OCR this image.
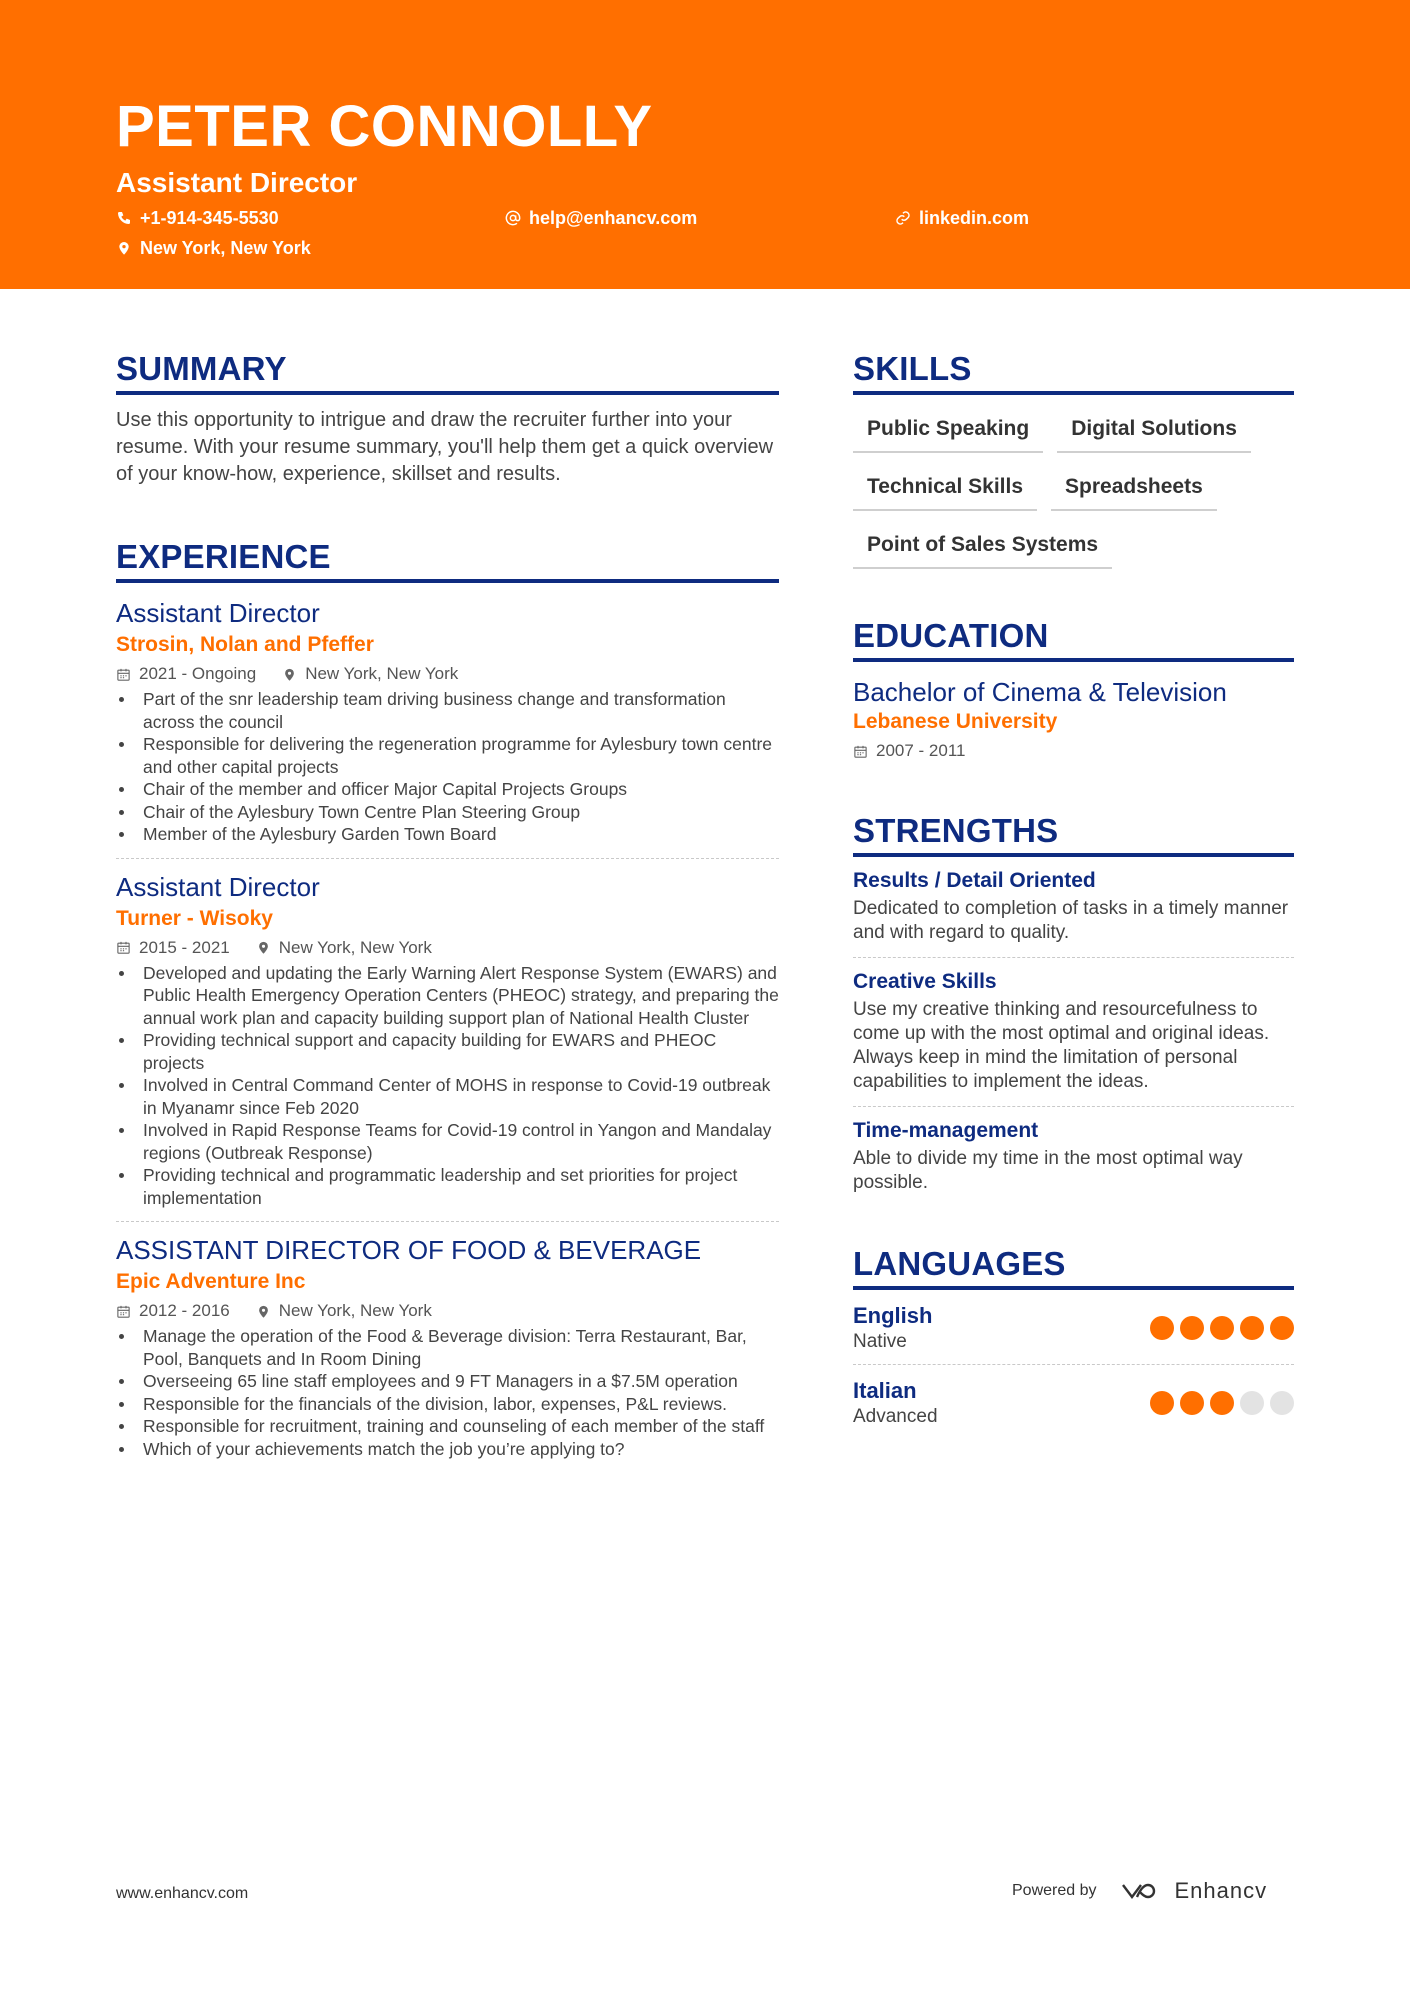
PETER CONNOLLY
Assistant Director
+1-914-345-5530	help@enhancv.com	linkedin.com
New York, New York
SUMMARY
Use this opportunity to intrigue and draw the recruiter further into your resume. With your resume summary, you'll help them get a quick overview of your know-how, experience, skillset and results.
EXPERIENCE
Assistant Director
Strosin, Nolan and Pfeffer
2021 - Ongoing	New York, New York
Part of the snr leadership team driving business change and transformation across the council
Responsible for delivering the regeneration programme for Aylesbury town centre and other capital projects
Chair of the member and officer Major Capital Projects Groups
Chair of the Aylesbury Town Centre Plan Steering Group
Member of the Aylesbury Garden Town Board
Assistant Director
Turner - Wisoky
2015 - 2021	New York, New York
Developed and updating the Early Warning Alert Response System (EWARS) and Public Health Emergency Operation Centers (PHEOC) strategy, and preparing the annual work plan and capacity building support plan of National Health Cluster
Providing technical support and capacity building for EWARS and PHEOC projects
Involved in Central Command Center of MOHS in response to Covid-19 outbreak in Myanamr since Feb 2020
Involved in Rapid Response Teams for Covid-19 control in Yangon and Mandalay regions (Outbreak Response)
Providing technical and programmatic leadership and set priorities for project implementation
ASSISTANT DIRECTOR OF FOOD & BEVERAGE
Epic Adventure Inc
2012 - 2016	New York, New York
Manage the operation of the Food & Beverage division: Terra Restaurant, Bar, Pool, Banquets and In Room Dining
Overseeing 65 line staff employees and 9 FT Managers in a $7.5M operation
Responsible for the financials of the division, labor, expenses, P&L reviews.
Responsible for recruitment, training and counseling of each member of the staff
Which of your achievements match the job you’re applying to?
SKILLS
Public Speaking	Digital Solutions
Technical Skills	Spreadsheets
Point of Sales Systems
EDUCATION
Bachelor of Cinema & Television
Lebanese University
2007 - 2011
STRENGTHS
Results / Detail Oriented
Dedicated to completion of tasks in a timely manner and with regard to quality.
Creative Skills
Use my creative thinking and resourcefulness to come up with the most optimal and original ideas. Always keep in mind the limitation of personal capabilities to implement the ideas.
Time-management
Able to divide my time in the most optimal way possible.
LANGUAGES
English
Native
Italian
Advanced
www.enhancv.com	Powered by	Enhancv
